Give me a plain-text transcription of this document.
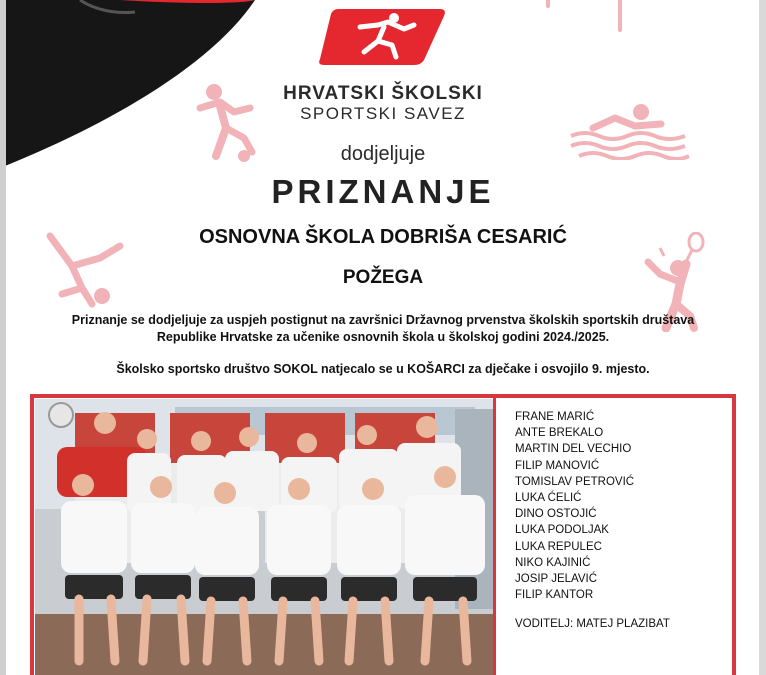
HRVATSKI ŠKOLSKI
SPORTSKI SAVEZ
dodjeljuje
PRIZNANJE
OSNOVNA ŠKOLA DOBRIŠA CESARIĆ
POŽEGA
Priznanje se dodjeljuje za uspjeh postignut na završnici Državnog prvenstva školskih sportskih društava
Republike Hrvatske za učenike osnovnih škola u školskoj godini 2024./2025.
Školsko sportsko društvo SOKOL natjecalo se u KOŠARCI za dječake i osvojilo 9. mjesto.
FRANE MARIĆ
ANTE BREKALO
MARTIN DEL VECHIO
FILIP MANOVIĆ
TOMISLAV PETROVIĆ
LUKA ĆELIĆ
DINO OSTOJIĆ
LUKA PODOLJAK
LUKA REPULEC
NIKO KAJINIĆ
JOSIP JELAVIĆ
FILIP KANTOR
VODITELJ: MATEJ PLAZIBAT
